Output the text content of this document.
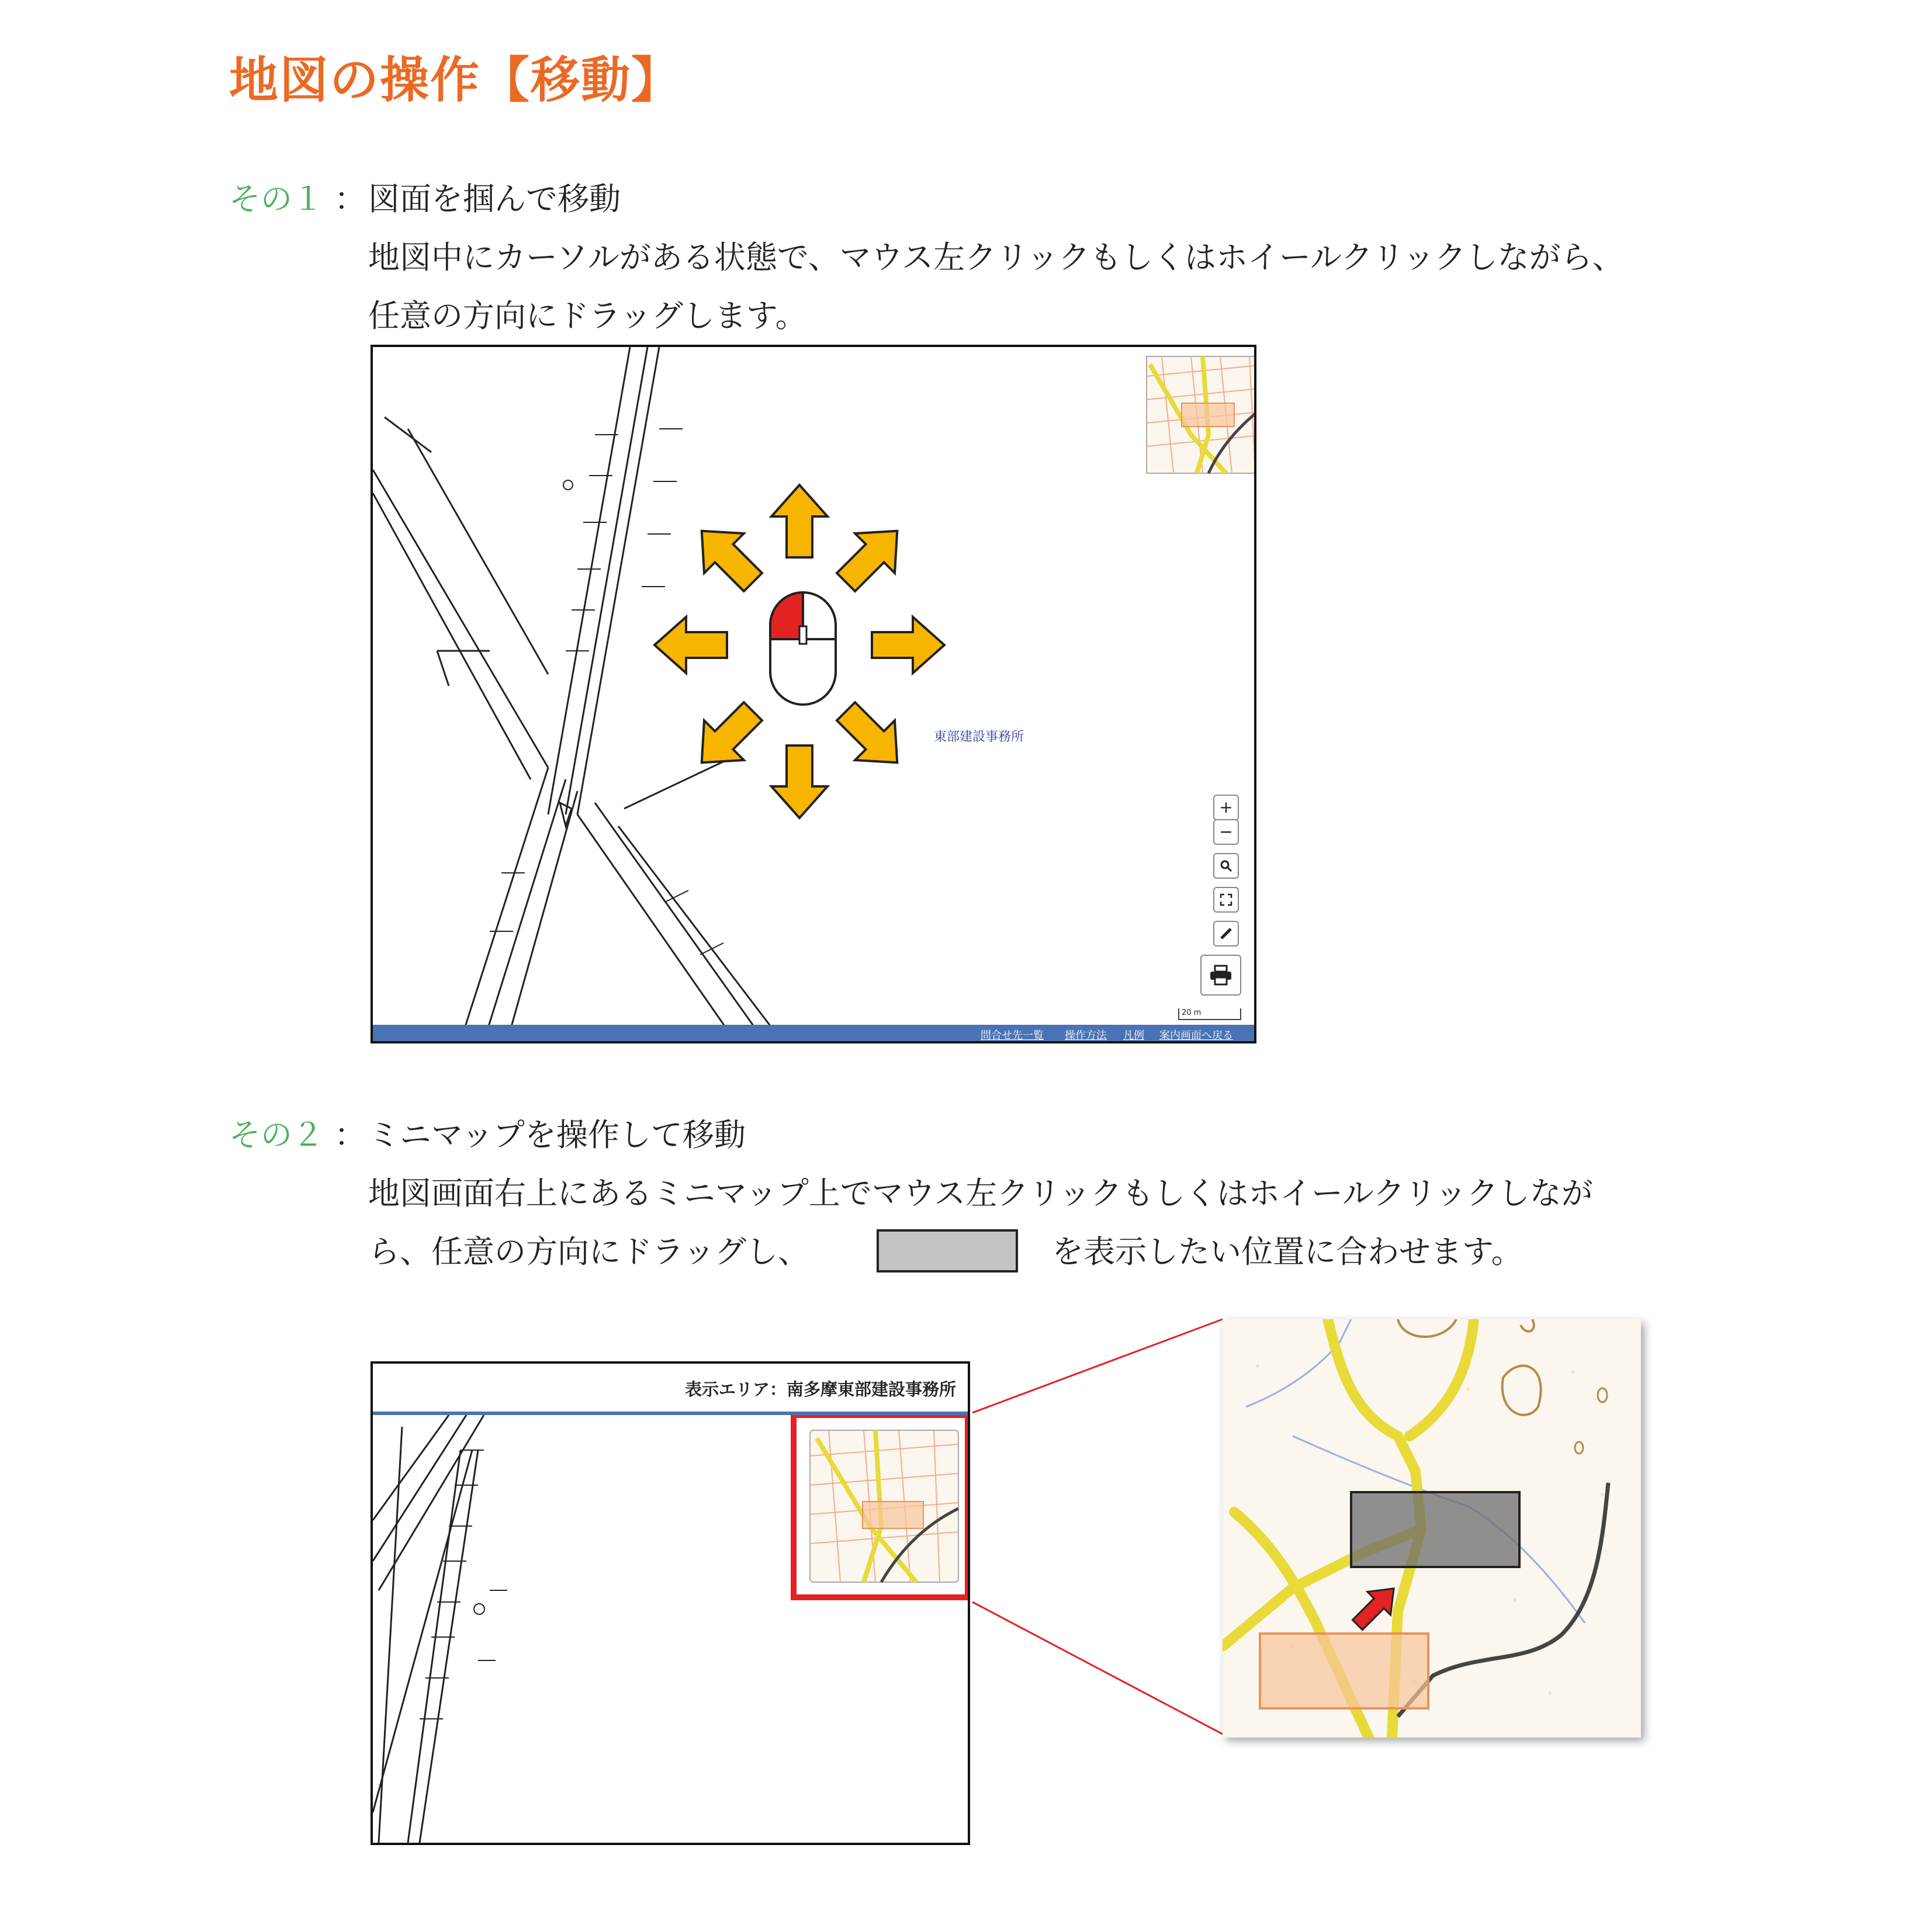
地図の操作【移動】
その１ ： 図面を掴んで移動
地図中にカーソルがある状態で、マウス左クリックもしくはホイールクリックしながら、
任意の方向にドラッグします。
東部建設事務所
+
−
20 m
問合せ先一覧 操作方法 凡例 案内画面へ戻る
その２ ： ミニマップを操作して移動
地図画面右上にあるミニマップ上でマウス左クリックもしくはホイールクリックしなが
ら、任意の方向にドラッグし、	を表示したい位置に合わせます。
表示エリア：南多摩東部建設事務所
